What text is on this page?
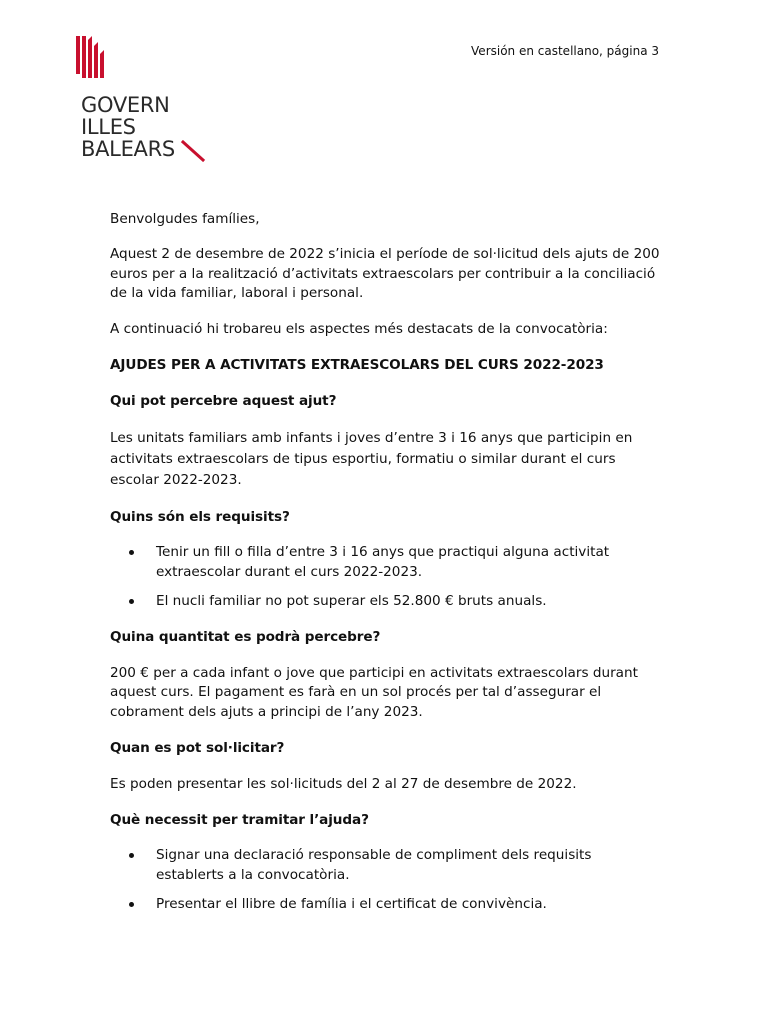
GOVERN
ILLES
BALEARS
Versión en castellano, página 3

Benvolgudes famílies,

Aquest 2 de desembre de 2022 s’inicia el període de sol·licitud dels ajuts de 200 euros per a la realització d’activitats extraescolars per contribuir a la conciliació de la vida familiar, laboral i personal.

A continuació hi trobareu els aspectes més destacats de la convocatòria:

AJUDES PER A ACTIVITATS EXTRAESCOLARS DEL CURS 2022-2023

Qui pot percebre aquest ajut?

Les unitats familiars amb infants i joves d’entre 3 i 16 anys que participin en activitats extraescolars de tipus esportiu, formatiu o similar durant el curs escolar 2022-2023.

Quins són els requisits?

Tenir un fill o filla d’entre 3 i 16 anys que practiqui alguna activitat extraescolar durant el curs 2022-2023.
El nucli familiar no pot superar els 52.800 € bruts anuals.

Quina quantitat es podrà percebre?

200 € per a cada infant o jove que participi en activitats extraescolars durant aquest curs. El pagament es farà en un sol procés per tal d’assegurar el cobrament dels ajuts a principi de l’any 2023.

Quan es pot sol·licitar?

Es poden presentar les sol·licituds del 2 al 27 de desembre de 2022.

Què necessit per tramitar l’ajuda?

Signar una declaració responsable de compliment dels requisits establerts a la convocatòria.
Presentar el llibre de família i el certificat de convivència.
